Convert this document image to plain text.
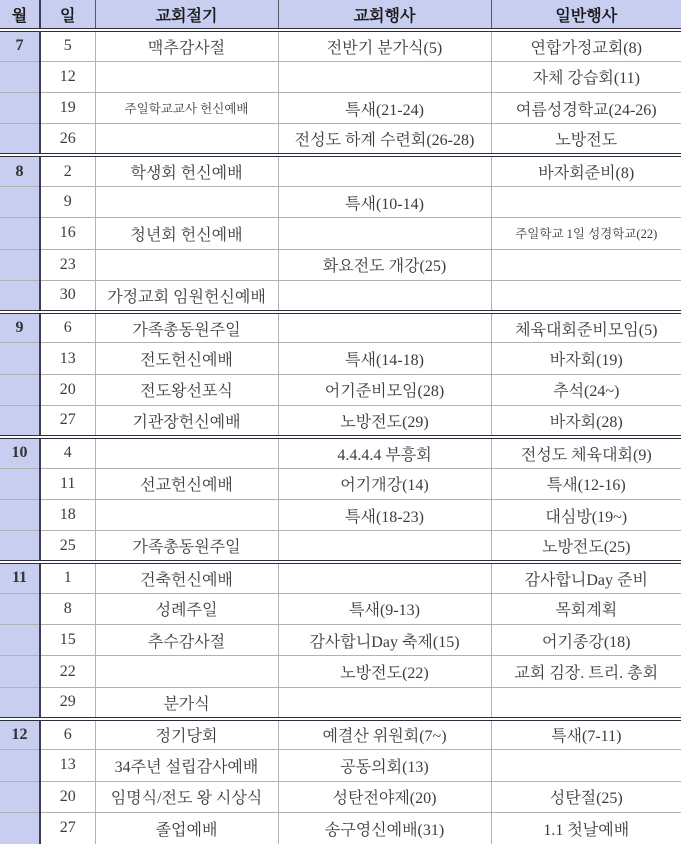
월	일	교회절기	교회행사	일반행사
7	5	맥추감사절	전반기 분가식(5)	연합가정교회(8)
	12			자체 강습회(11)
	19	주일학교교사 헌신예배	특새(21-24)	여름성경학교(24-26)
	26		전성도 하계 수련회(26-28)	노방전도
8	2	학생회 헌신예배		바자회준비(8)
	9		특새(10-14)	
	16	청년회 헌신예배		주일학교 1일 성경학교(22)
	23		화요전도 개강(25)	
	30	가정교회 임원헌신예배		
9	6	가족총동원주일		체육대회준비모임(5)
	13	전도헌신예배	특새(14-18)	바자회(19)
	20	전도왕선포식	어기준비모임(28)	추석(24~)
	27	기관장헌신예배	노방전도(29)	바자회(28)
10	4		4.4.4.4 부흥회	전성도 체육대회(9)
	11	선교헌신예배	어기개강(14)	특새(12-16)
	18		특새(18-23)	대심방(19~)
	25	가족총동원주일		노방전도(25)
11	1	건축헌신예배		감사합니Day 준비
	8	성례주일	특새(9-13)	목회계획
	15	추수감사절	감사합니Day 축제(15)	어기종강(18)
	22		노방전도(22)	교회 김장. 트리. 총회
	29	분가식		
12	6	정기당회	예결산 위원회(7~)	특새(7-11)
	13	34주년 설립감사예배	공동의회(13)	
	20	임명식/전도 왕 시상식	성탄전야제(20)	성탄절(25)
	27	졸업예배	송구영신예배(31)	1.1 첫날예배
